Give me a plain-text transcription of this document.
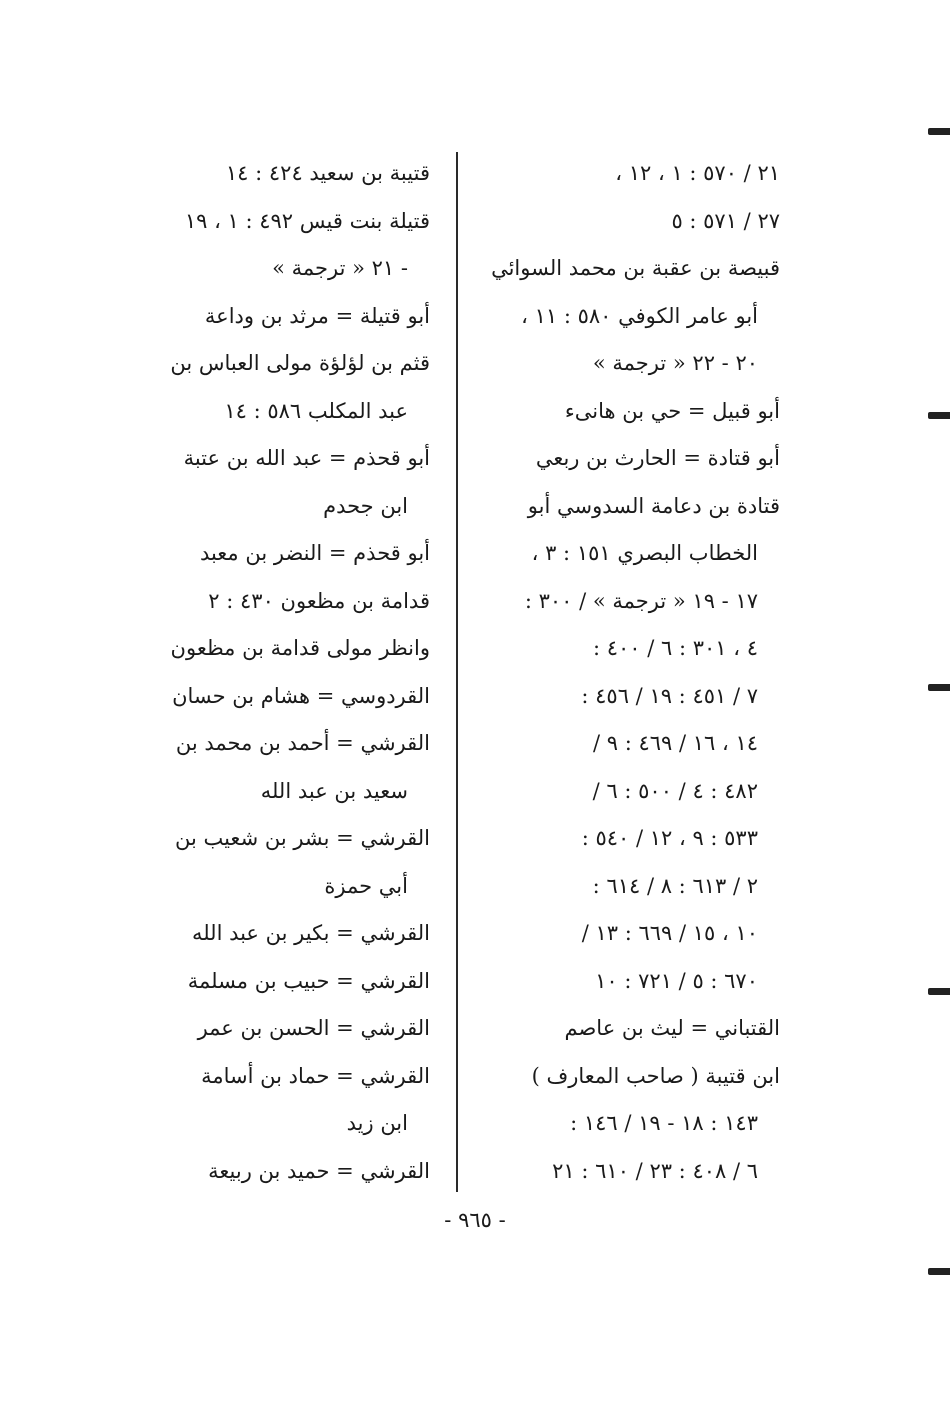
٢١ / ٥٧٠ : ١ ، ١٢ ،
٢٧ / ٥٧١ : ٥
قبيصة بن عقبة بن محمد السوائي
أبو عامر الكوفي ٥٨٠ : ١١ ،
٢٠ - ٢٢ « ترجمة »
أبو قبيل = حي بن هانىء
أبو قتادة = الحارث بن ربعي
قتادة بن دعامة السدوسي أبو
الخطاب البصري ١٥١ : ٣ ،
١٧ - ١٩ « ترجمة » / ٣٠٠ :
٤ ، ٣٠١ : ٦ / ٤٠٠ :
٧ / ٤٥١ : ١٩ / ٤٥٦ :
١٤ ، ١٦ / ٤٦٩ : ٩ /
٤٨٢ : ٤ / ٥٠٠ : ٦ /
٥٣٣ : ٩ ، ١٢ / ٥٤٠ :
٢ / ٦١٣ : ٨ / ٦١٤ :
١٠ ، ١٥ / ٦٦٩ : ١٣ /
٦٧٠ : ٥ / ٧٢١ : ١٠
القتباني = ليث بن عاصم
ابن قتيبة ( صاحب المعارف )
١٤٣ : ١٨ - ١٩ / ١٤٦ :
٦ / ٤٠٨ : ٢٣ / ٦١٠ : ٢١
قتيبة بن سعيد ٤٢٤ : ١٤
قتيلة بنت قيس ٤٩٢ : ١ ، ١٩
- ٢١ « ترجمة »
أبو قتيلة = مرثد بن وداعة
قثم بن لؤلؤة مولى العباس بن
عبد المكلب ٥٨٦ : ١٤
أبو قحذم = عبد الله بن عتبة
ابن جحدم
أبو قحذم = النضر بن معبد
قدامة بن مظعون ٤٣٠ : ٢
وانظر مولى قدامة بن مظعون
القردوسي = هشام بن حسان
القرشي = أحمد بن محمد بن
سعيد بن عبد الله
القرشي = بشر بن شعيب بن
أبي حمزة
القرشي = بكير بن عبد الله
القرشي = حبيب بن مسلمة
القرشي = الحسن بن عمر
القرشي = حماد بن أسامة
ابن زيد
القرشي = حميد بن ربيعة
- ٩٦٥ -
